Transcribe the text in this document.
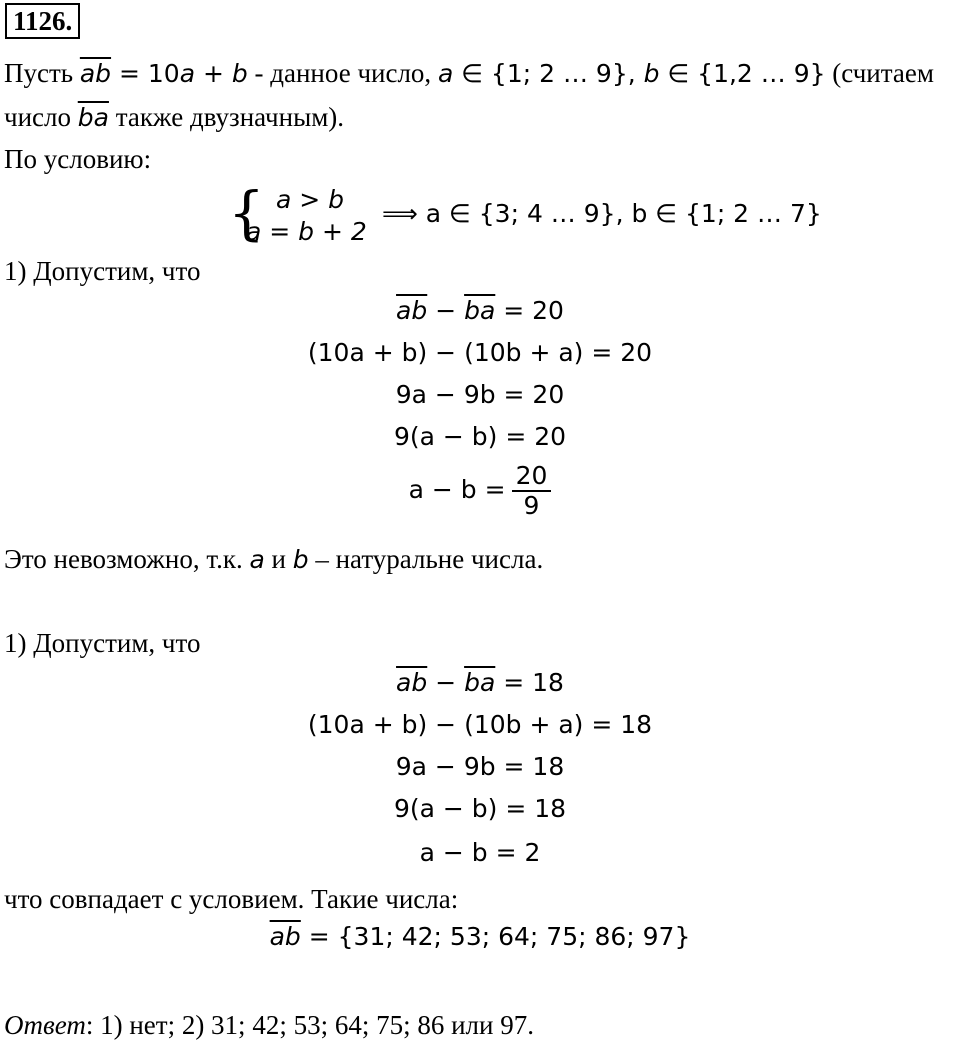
1126.
Пусть $\overline{ab} = 10a + b$ - данное число, a ∈ {1; 2 … 9}, b ∈ {1,2 … 9} (считаем
число $\overline{ba}$ также двузначным).
По условию:
{ a > b
a = b + 2
⟹ a ∈ {3; 4 … 9}, b ∈ {1; 2 … 7}
1) Допустим, что
$\overline{ab} - \overline{ba} = 20$
(10a + b) − (10b + a) = 20
9a − 9b = 20
9(a − b) = 20
$a - b = \frac{20}{9}$
Это невозможно, т.к. a и b – натуральне числа.
1) Допустим, что
$\overline{ab} - \overline{ba} = 18$
(10a + b) − (10b + a) = 18
9a − 9b = 18
9(a − b) = 18
a − b = 2
что совпадает с условием. Такие числа:
$\overline{ab} = \{31$; 42; 53; 64; 75; 86; 97}
Ответ: 1) нет; 2) 31; 42; 53; 64; 75; 86 или 97.
